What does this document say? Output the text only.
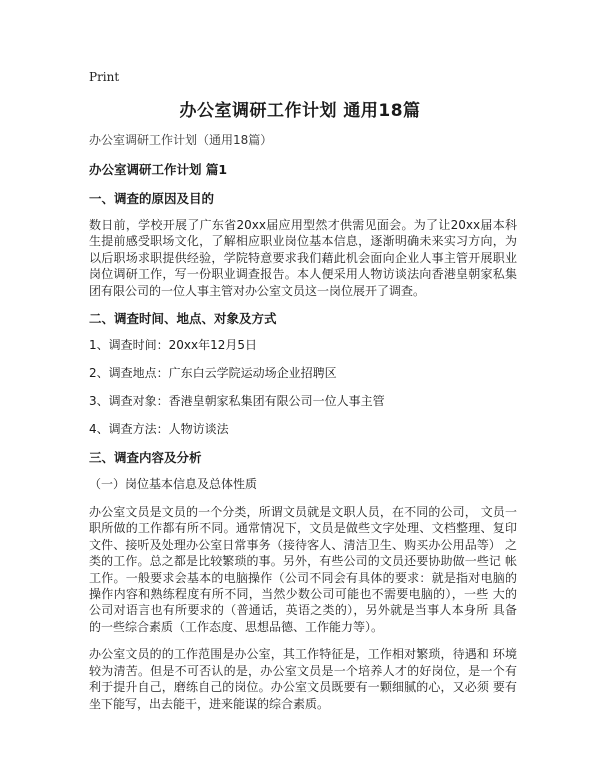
Print
办公室调研工作计划 通用18篇

办公室调研工作计划（通用18篇）

办公室调研工作计划 篇1

一、调查的原因及目的

数日前，学校开展了广东省20xx届应用型然才供需见面会。为了让20xx届本科生提前感受职场文化，了解相应职业岗位基本信息，逐渐明确未来实习方向，为以后职场求职提供经验，学院特意要求我们藉此机会面向企业人事主管开展职业岗位调研工作，写一份职业调查报告。本人便采用人物访谈法向香港皇朝家私集团有限公司的一位人事主管对办公室文员这一岗位展开了调查。

二、调查时间、地点、对象及方式

1、调查时间：20xx年12月5日

2、调查地点：广东白云学院运动场企业招聘区

3、调查对象：香港皇朝家私集团有限公司一位人事主管

4、调查方法：人物访谈法

三、调查内容及分析

（一）岗位基本信息及总体性质

办公室文员是文员的一个分类，所谓文员就是文职人员，在不同的公司， 文员一职所做的工作都有所不同。通常情况下，文员是做些文字处理、文档整理、复印文件、接听及处理办公室日常事务（接待客人、清洁卫生、购买办公用品等） 之类的工作。总之都是比较繁琐的事。另外，有些公司的文员还要协助做一些记 帐工作。一般要求会基本的电脑操作（公司不同会有具体的要求：就是指对电脑的操作内容和熟练程度有所不同，当然少数公司可能也不需要电脑的），一些 大的公司对语言也有所要求的（普通话，英语之类的），另外就是当事人本身所 具备的一些综合素质（工作态度、思想品德、工作能力等）。

办公室文员的的工作范围是办公室，其工作特征是，工作相对繁琐，待遇和 环境较为清苦。但是不可否认的是，办公室文员是一个培养人才的好岗位，是一个有利于提升自己，磨练自己的岗位。办公室文员既要有一颗细腻的心，又必须 要有坐下能写，出去能干，进来能谋的综合素质。
